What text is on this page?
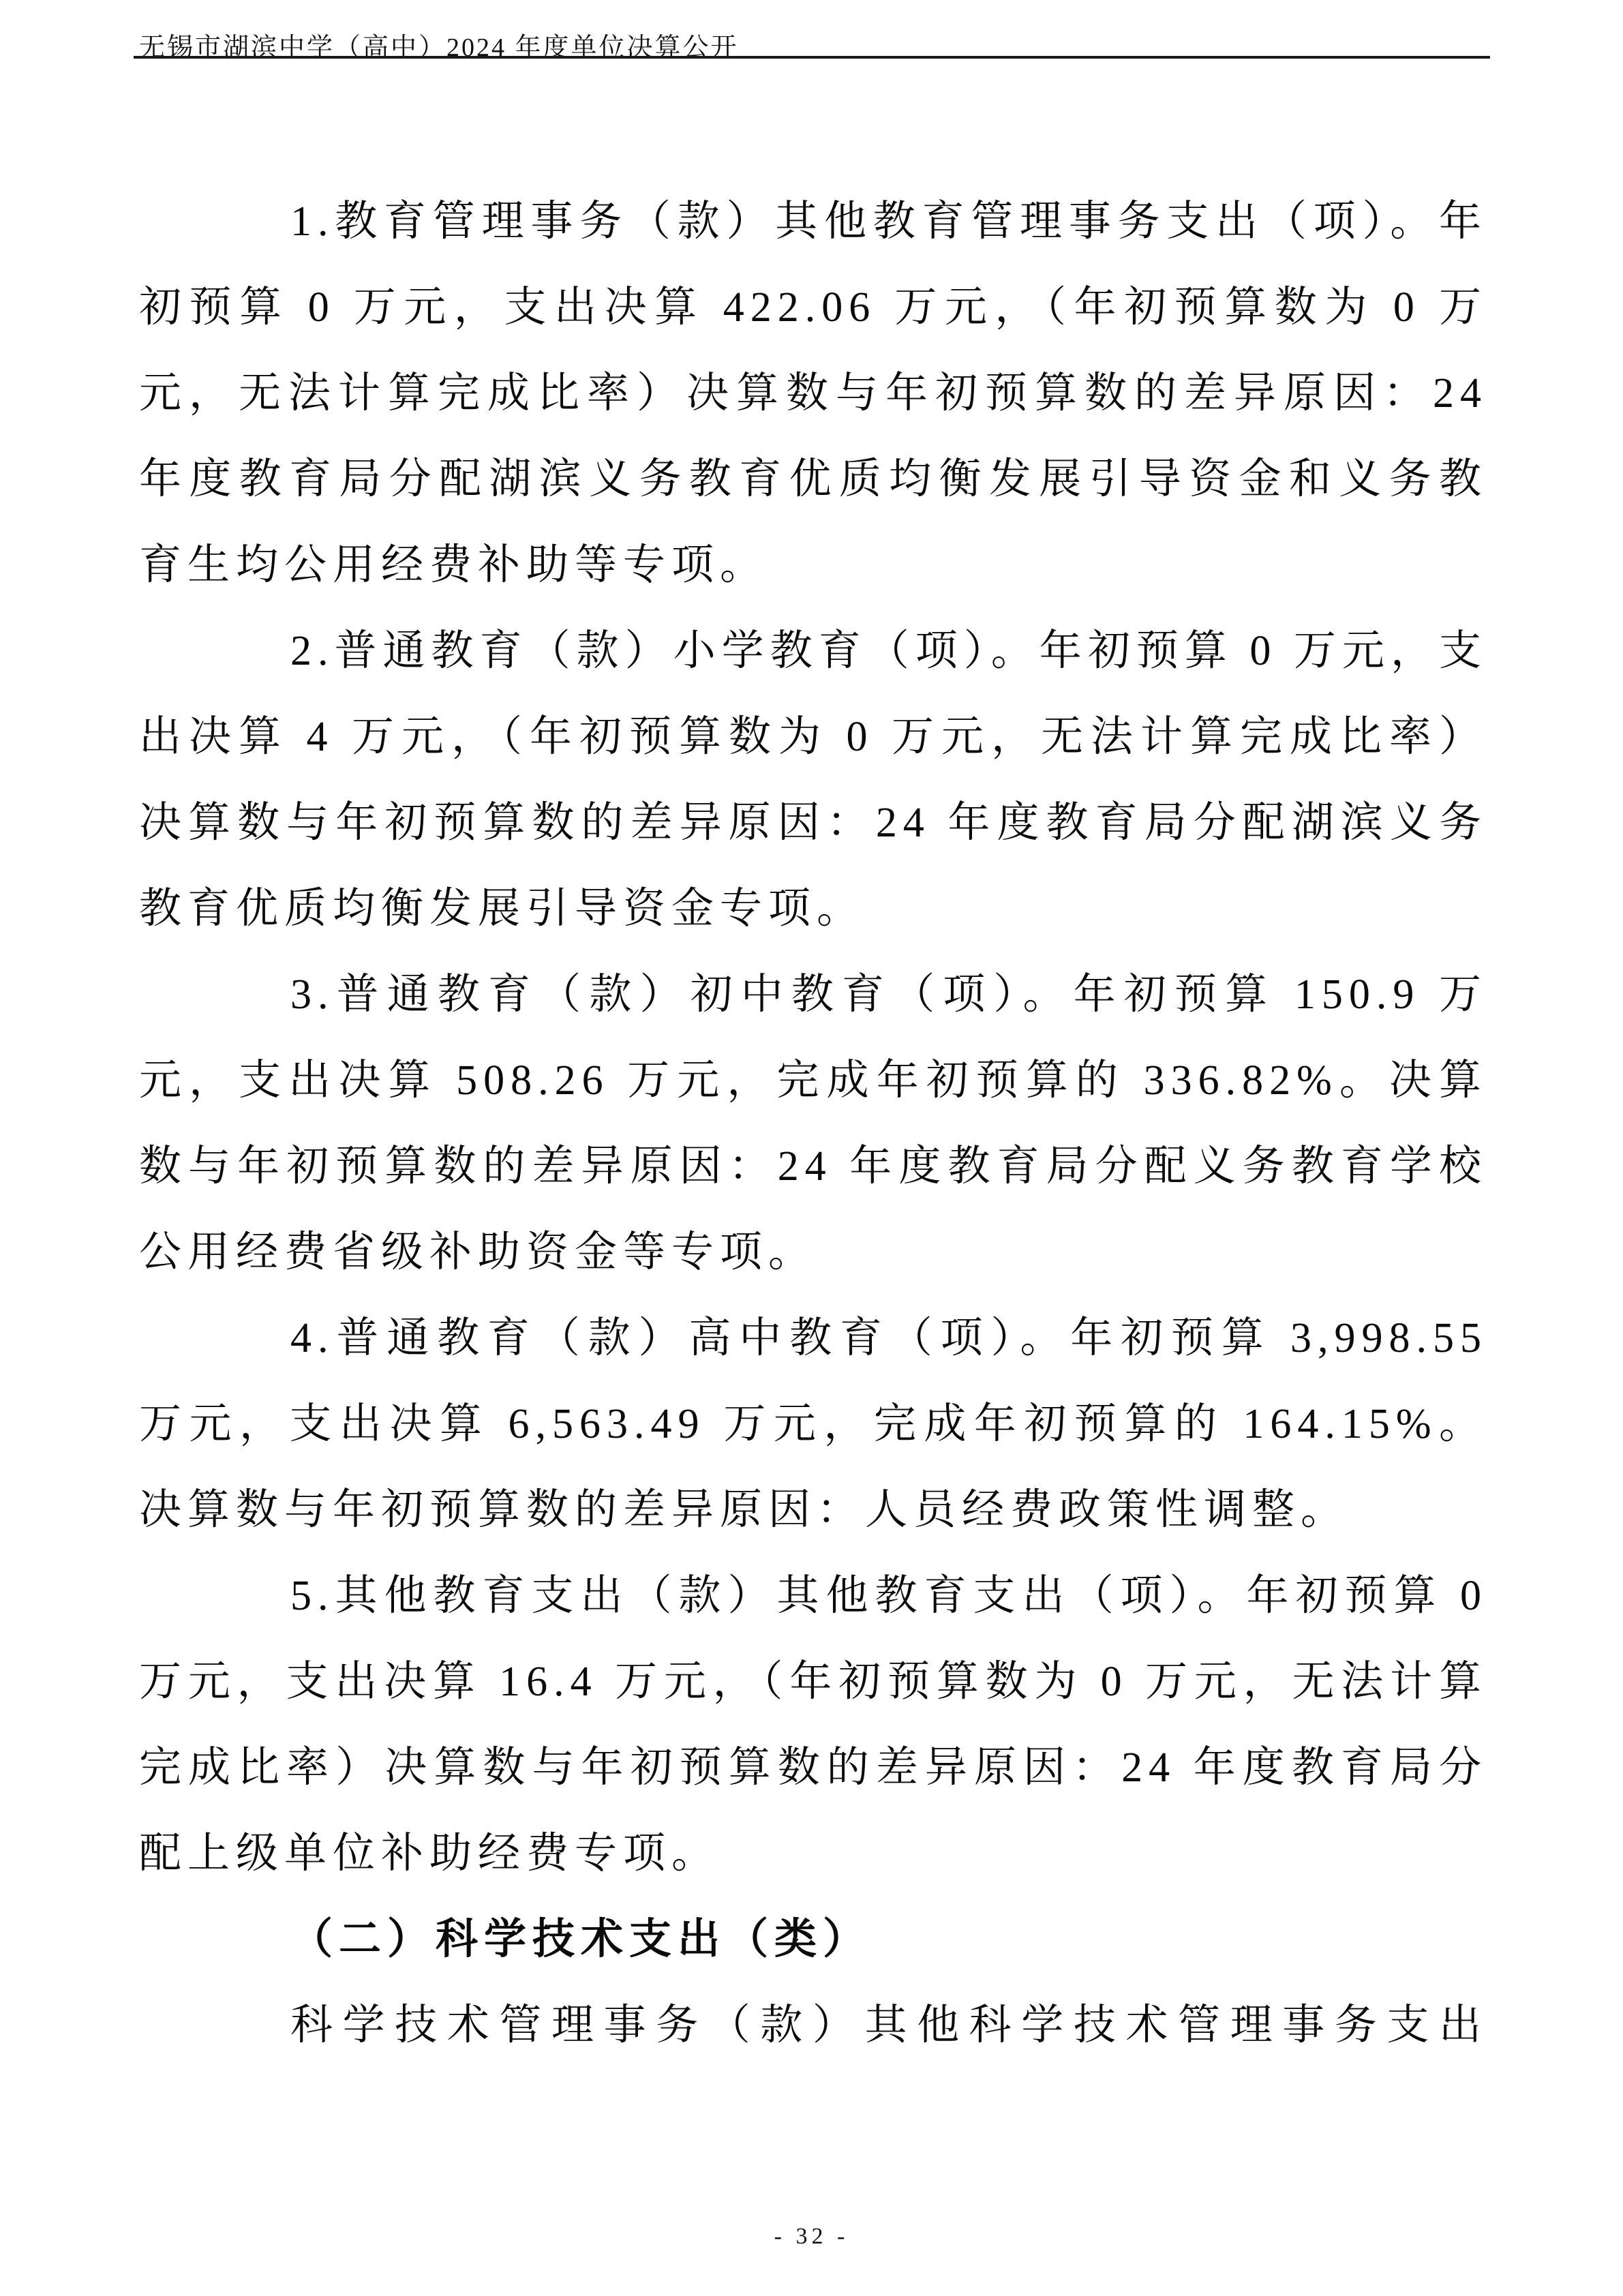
无锡市湖滨中学（高中）2024 年度单位决算公开

1.教育管理事务（款）其他教育管理事务支出（项）。年初预算 0 万元，支出决算 422.06 万元，（年初预算数为 0 万元，无法计算完成比率）决算数与年初预算数的差异原因：24 年度教育局分配湖滨义务教育优质均衡发展引导资金和义务教育生均公用经费补助等专项。

2.普通教育（款）小学教育（项）。年初预算 0 万元，支出决算 4 万元，（年初预算数为 0 万元，无法计算完成比率）决算数与年初预算数的差异原因：24 年度教育局分配湖滨义务教育优质均衡发展引导资金专项。

3.普通教育（款）初中教育（项）。年初预算 150.9 万元，支出决算 508.26 万元，完成年初预算的 336.82%。决算数与年初预算数的差异原因：24 年度教育局分配义务教育学校公用经费省级补助资金等专项。

4.普通教育（款）高中教育（项）。年初预算 3,998.55 万元，支出决算 6,563.49 万元，完成年初预算的 164.15%。决算数与年初预算数的差异原因：人员经费政策性调整。

5.其他教育支出（款）其他教育支出（项）。年初预算 0 万元，支出决算 16.4 万元，（年初预算数为 0 万元，无法计算完成比率）决算数与年初预算数的差异原因：24 年度教育局分配上级单位补助经费专项。

（二）科学技术支出（类）

科学技术管理事务（款）其他科学技术管理事务支出

- 32 -
